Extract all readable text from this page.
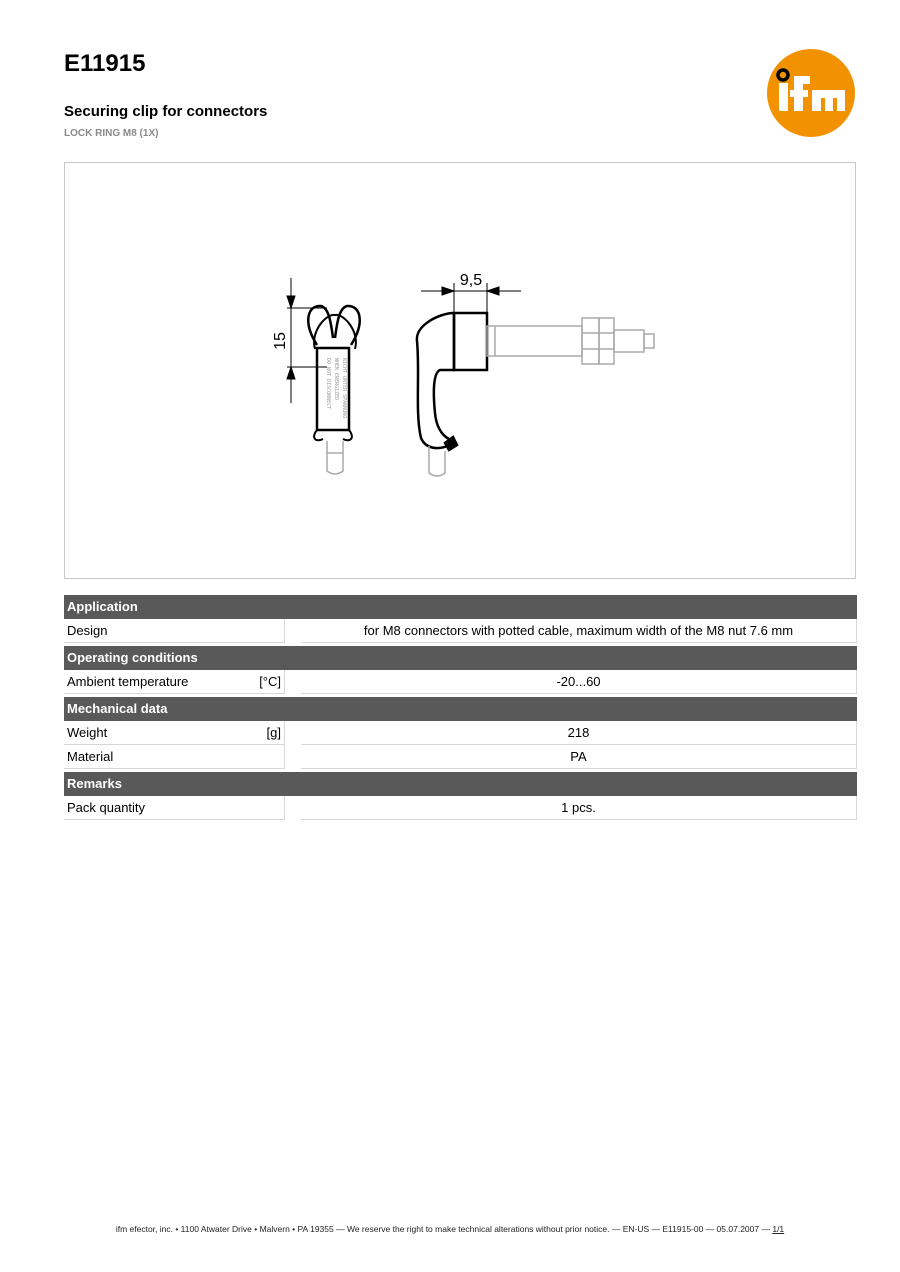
E11915
Securing clip for connectors
LOCK RING M8 (1X)
DO NOT DISCONNECT WHEN ENERGIZED NICHT UNTER SPANNUNG
15
9,5
Application
Design	for M8 connectors with potted cable, maximum width of the M8 nut 7.6 mm
Operating conditions
Ambient temperature	[°C]	-20...60
Mechanical data
Weight	[g]	218
Material	PA
Remarks
Pack quantity	1 pcs.
ifm efector, inc. • 1100 Atwater Drive • Malvern • PA 19355 — We reserve the right to make technical alterations without prior notice. — EN-US — E11915-00 — 05.07.2007 — 1/1
